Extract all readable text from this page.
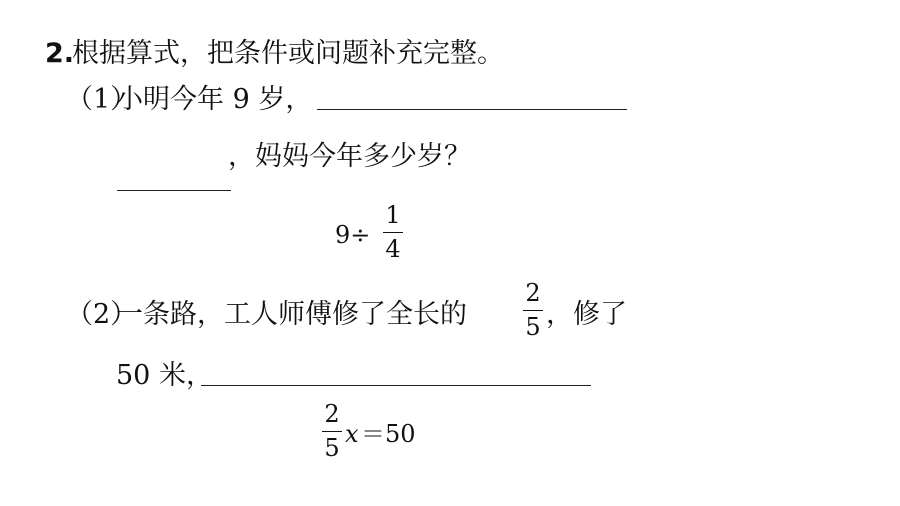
2.
根据算式，把条件或问题补充完整。
（1）
小明今年 9 岁，
，妈妈今年多少岁？
9÷
1
4
（2）
一条路，工人师傅修了全长的
2
5 ，修了
50 米，
2
5 x ＝50
